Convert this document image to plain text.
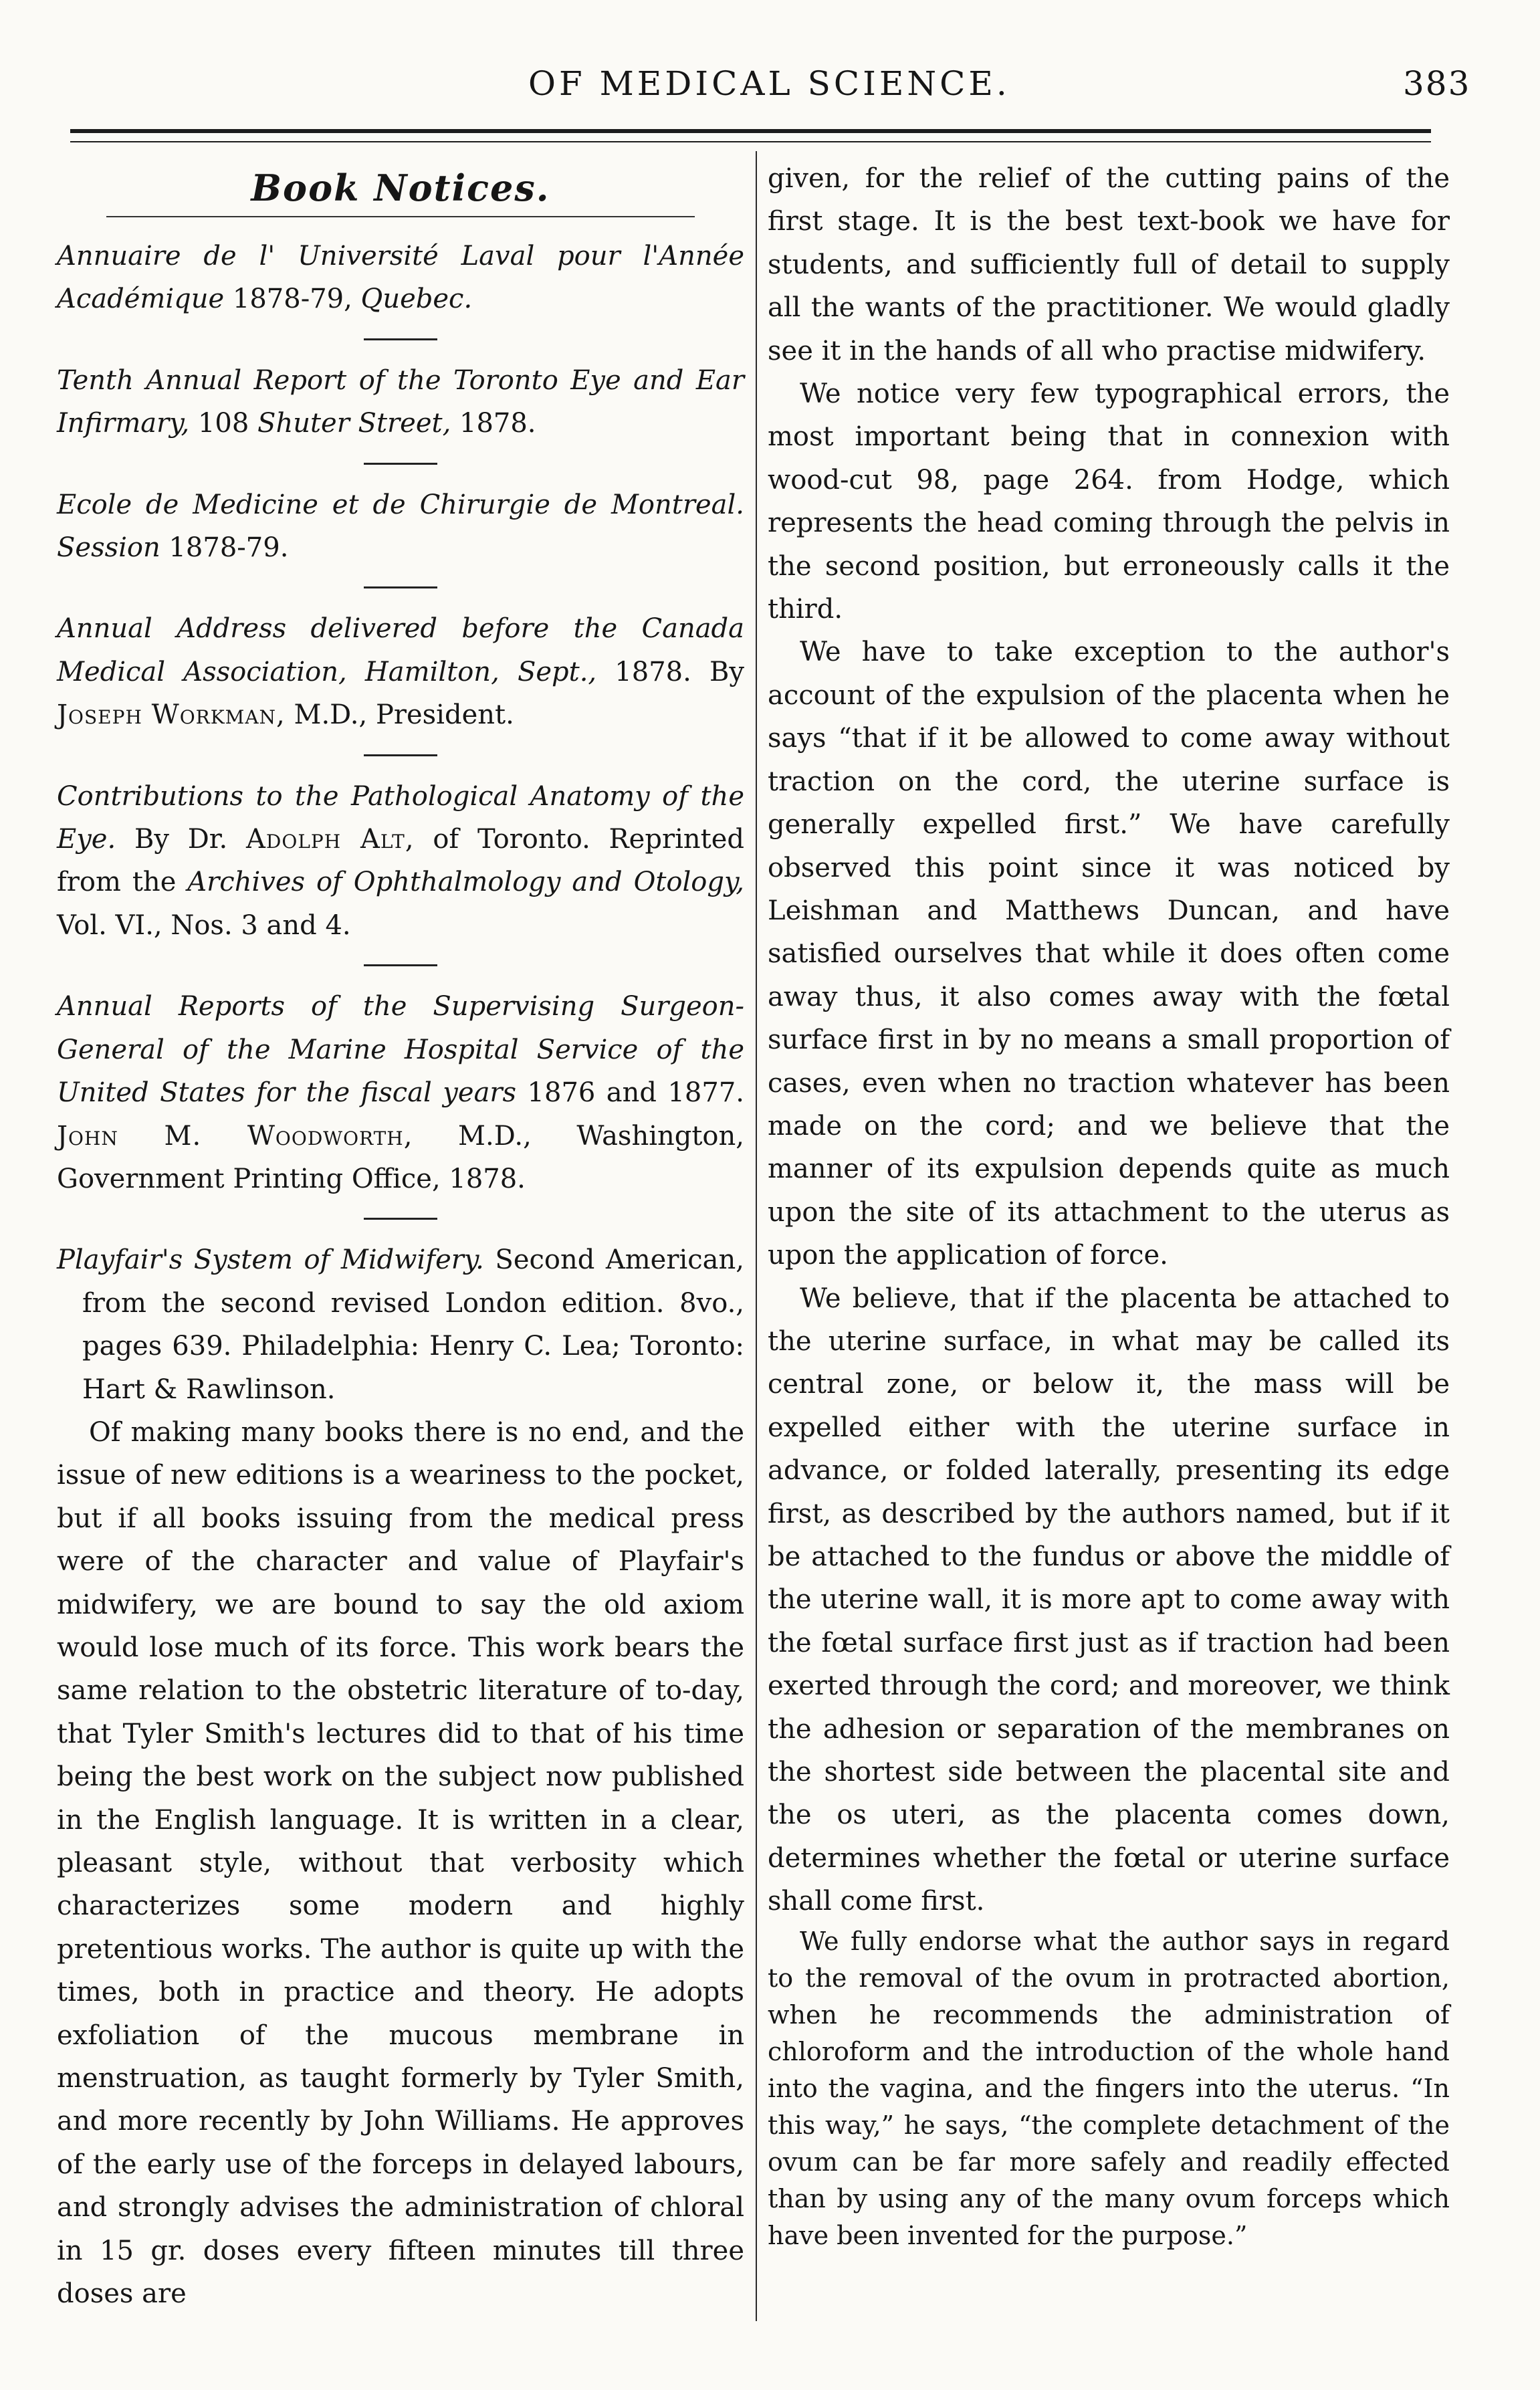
OF MEDICAL SCIENCE.	383
Book Notices.

Annuaire de l' Université Laval pour l'Année Académique 1878-79, Quebec.

Tenth Annual Report of the Toronto Eye and Ear Infirmary, 108 Shuter Street, 1878.

Ecole de Medicine et de Chirurgie de Montreal. Session 1878-79.

Annual Address delivered before the Canada Medical Association, Hamilton, Sept., 1878. By Joseph Workman, M.D., President.

Contributions to the Pathological Anatomy of the Eye. By Dr. Adolph Alt, of Toronto. Reprinted from the Archives of Ophthalmology and Otology, Vol. VI., Nos. 3 and 4.

Annual Reports of the Supervising Surgeon-General of the Marine Hospital Service of the United States for the fiscal years 1876 and 1877. John M. Woodworth, M.D., Washington, Government Printing Office, 1878.

Playfair's System of Midwifery. Second American, from the second revised London edition. 8vo., pages 639. Philadelphia: Henry C. Lea; Toronto: Hart & Rawlinson.

Of making many books there is no end, and the issue of new editions is a weariness to the pocket, but if all books issuing from the medical press were of the character and value of Playfair's midwifery, we are bound to say the old axiom would lose much of its force. This work bears the same relation to the obstetric literature of to-day, that Tyler Smith's lectures did to that of his time being the best work on the subject now published in the English language. It is written in a clear, pleasant style, without that verbosity which characterizes some modern and highly pretentious works. The author is quite up with the times, both in practice and theory. He adopts exfoliation of the mucous membrane in menstruation, as taught formerly by Tyler Smith, and more recently by John Williams. He approves of the early use of the forceps in delayed labours, and strongly advises the administration of chloral in 15 gr. doses every fifteen minutes till three doses are

given, for the relief of the cutting pains of the first stage. It is the best text-book we have for students, and sufficiently full of detail to supply all the wants of the practitioner. We would gladly see it in the hands of all who practise midwifery.

We notice very few typographical errors, the most important being that in connexion with wood-cut 98, page 264. from Hodge, which represents the head coming through the pelvis in the second position, but erroneously calls it the third.

We have to take exception to the author's account of the expulsion of the placenta when he says “that if it be allowed to come away without traction on the cord, the uterine surface is generally expelled first.” We have carefully observed this point since it was noticed by Leishman and Matthews Duncan, and have satisfied ourselves that while it does often come away thus, it also comes away with the fœtal surface first in by no means a small proportion of cases, even when no traction whatever has been made on the cord; and we believe that the manner of its expulsion depends quite as much upon the site of its attachment to the uterus as upon the application of force.

We believe, that if the placenta be attached to the uterine surface, in what may be called its central zone, or below it, the mass will be expelled either with the uterine surface in advance, or folded laterally, presenting its edge first, as described by the authors named, but if it be attached to the fundus or above the middle of the uterine wall, it is more apt to come away with the fœtal surface first just as if traction had been exerted through the cord; and moreover, we think the adhesion or separation of the membranes on the shortest side between the placental site and the os uteri, as the placenta comes down, determines whether the fœtal or uterine surface shall come first.

We fully endorse what the author says in regard to the removal of the ovum in protracted abortion, when he recommends the administration of chloroform and the introduction of the whole hand into the vagina, and the fingers into the uterus. “In this way,” he says, “the complete detachment of the ovum can be far more safely and readily effected than by using any of the many ovum forceps which have been invented for the purpose.”
